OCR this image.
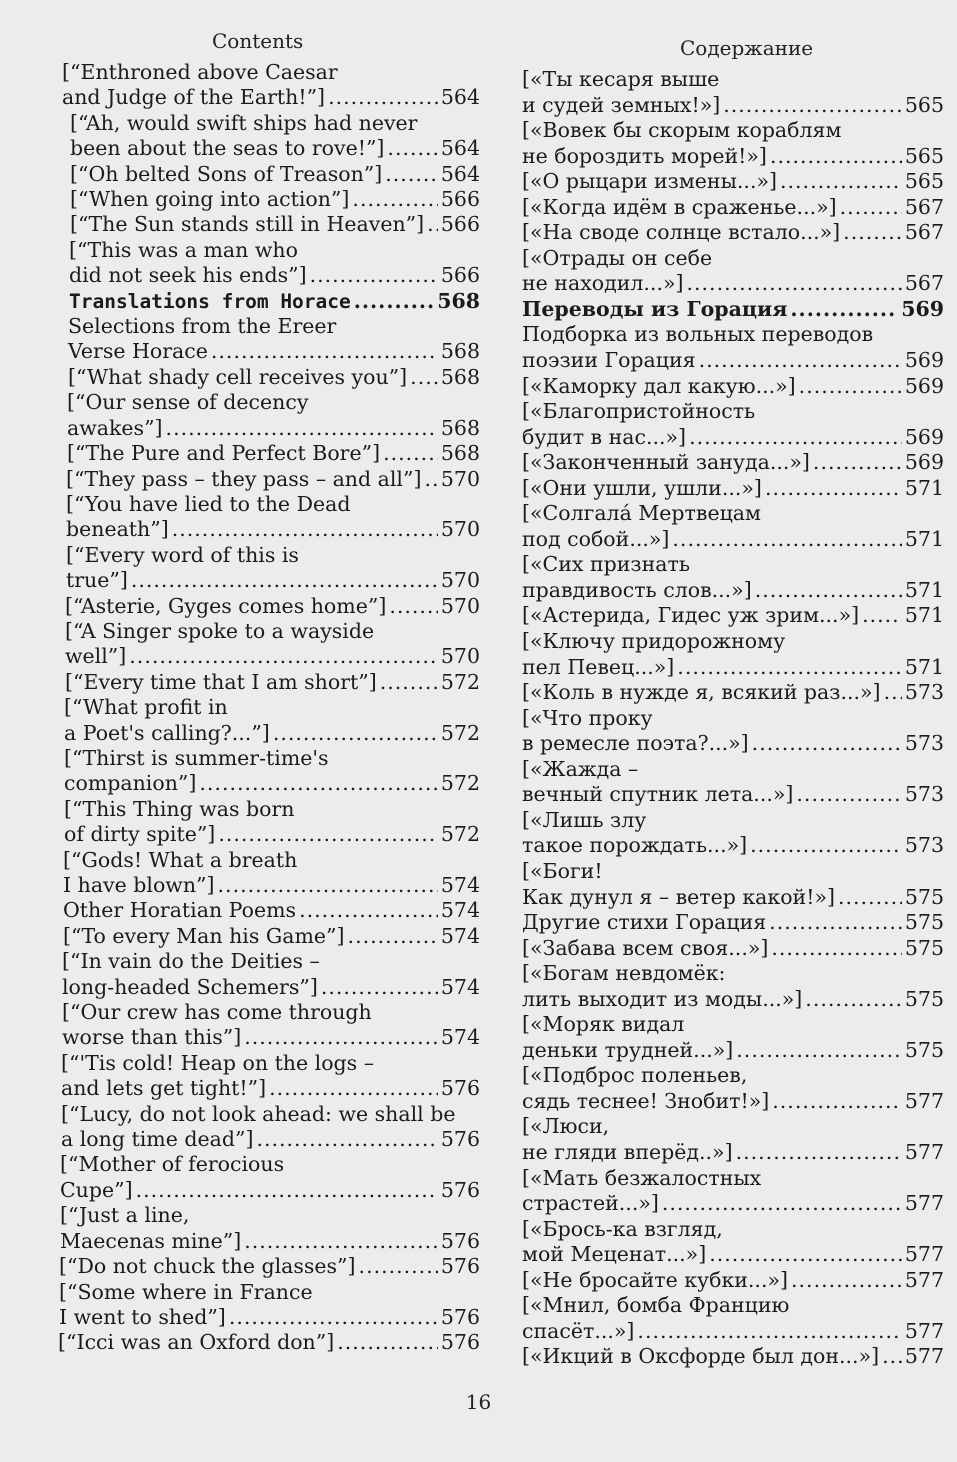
Contents
[“Enthroned above Caesar
and Judge of the Earth!”] .....	564
[“Ah, would swift ships had never
been about the seas to rove!”] .....	564
[“Oh belted Sons of Treason”] .....	564
[“When going into action”] .....	566
[“The Sun stands still in Heaven”] ..... 566
[“This was a man who
did not seek his ends”] .....	566
Translations from Horace .....	568
Selections from the Ereer
Verse Horace .....	568
[“What shady cell receives you”] ..... 568
[“Our sense of decency
awakes”] .....	568
[“The Pure and Perfect Bore”] .....	568
[“They pass – they pass – and all”] ..... 570
[“You have lied to the Dead
beneath”] .....	570
[“Every word of this is
true”] .....	570
[“Asterie, Gyges comes home”] .....	570
[“A Singer spoke to a wayside
well”] .....	570
[“Every time that I am short”] .....	572
[“What profit in
a Poet's calling?...”] .....	572
[“Thirst is summer-time's
companion”] .....	572
[“This Thing was born
of dirty spite”] .....	572
[“Gods! What a breath
I have blown”] .....	574
Other Horatian Poems .....	574
[“To every Man his Game”] .....	574
[“In vain do the Deities –
long-headed Schemers”] .....	574
[“Our crew has come through
worse than this”] .....	574
[“'Tis cold! Heap on the logs –
and lets get tight!”] .....	576
[“Lucy, do not look ahead: we shall be
a long time dead”] .....	576
[“Mother of ferocious
Cupe”] .....	576
[“Just a line,
Maecenas mine”] .....	576
[“Do not chuck the glasses”] .....	576
[“Some where in France
I went to shed”] .....	576
[“Icci was an Oxford don”] .....	576
Содержание
[«Ты кесаря выше
и судей земных!»] .....	565
[«Вовек бы скорым кораблям
не бороздить морей!»] .....	565
[«О рыцари измены...»] .....	565
[«Когда идём в сраженье...»] .....	567
[«На своде солнце встало...»] .....	567
[«Отрады он себе
не находил...»] .....	567
Переводы из Горация .....	569
Подборка из вольных переводов
поэзии Горация .....	569
[«Каморку дал какую...»] .....	569
[«Благопристойность
будит в нас...»] .....	569
[«Законченный зануда...»] .....	569
[«Они ушли, ушли...»] .....	571
[«Солгала́ Мертвецам
под собой...»] .....	571
[«Сих признать
правдивость слов...»] .....	571
[«Астерида, Гидес уж зрим...»] ..... 571
[«Ключу придорожному
пел Певец...»] .....	571
[«Коль в нужде я, всякий раз...»] ..... 573
[«Что проку
в ремесле поэта?...»] .....	573
[«Жажда –
вечный спутник лета...»] .....	573
[«Лишь злу
такое порождать...»] .....	573
[«Боги!
Как дунул я – ветер какой!»] .....	575
Другие стихи Горация .....	575
[«Забава всем своя...»] .....	575
[«Богам невдомёк:
лить выходит из моды...»] .....	575
[«Моряк видал
деньки трудней...»] .....	575
[«Подброс поленьев,
сядь теснее! Знобит!»] .....	577
[«Люси,
не гляди вперёд..»] .....	577
[«Мать безжалостных
страстей...»] .....	577
[«Брось-ка взгляд,
мой Меценат...»] .....	577
[«Не бросайте кубки...»] .....	577
[«Мнил, бомба Францию
спасёт...»] .....	577
[«Икций в Оксфорде был дон...»] ..... 577
16
